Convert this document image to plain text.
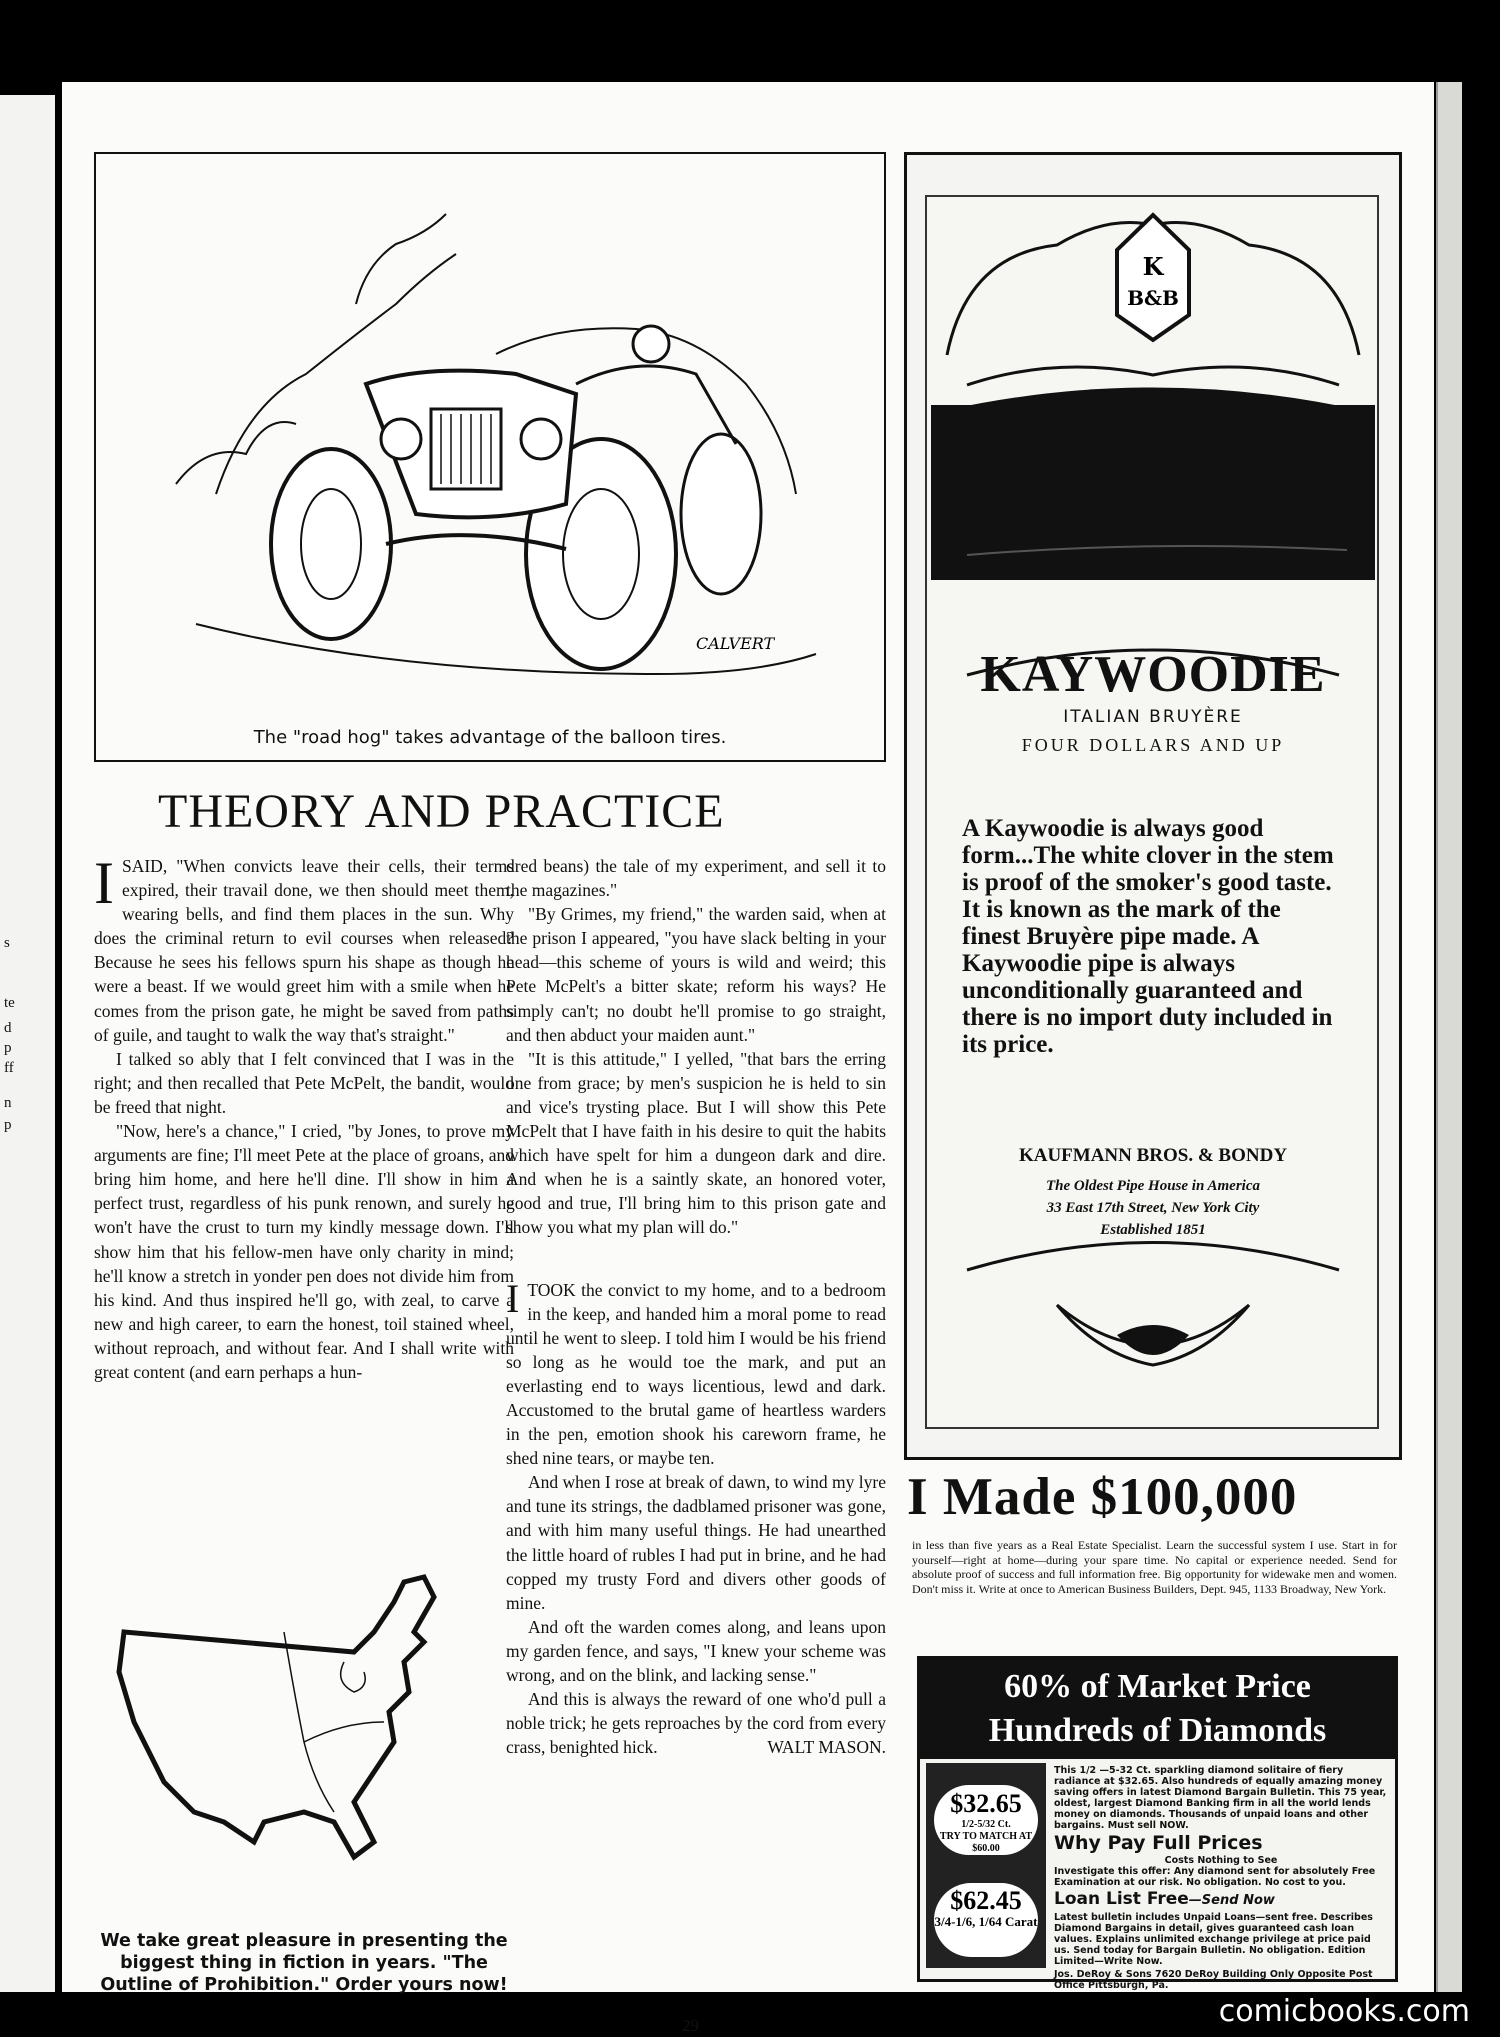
s
te
d
p
ff
n
p
CALVERT
The "road hog" takes advantage of the balloon tires.
THEORY AND PRACTICE

ISAID, "When convicts leave their cells, their terms expired, their travail done, we then should meet them, wearing bells, and find them places in the sun. Why does the criminal return to evil courses when released? Because he sees his fellows spurn his shape as though he were a beast. If we would greet him with a smile when he comes from the prison gate, he might be saved from paths of guile, and taught to walk the way that's straight."

I talked so ably that I felt convinced that I was in the right; and then recalled that Pete McPelt, the bandit, would be freed that night.

"Now, here's a chance," I cried, "by Jones, to prove my arguments are fine; I'll meet Pete at the place of groans, and bring him home, and here he'll dine. I'll show in him a perfect trust, regardless of his punk renown, and surely he won't have the crust to turn my kindly message down. I'll show him that his fellow-men have only charity in mind; he'll know a stretch in yonder pen does not divide him from his kind. And thus inspired he'll go, with zeal, to carve a new and high career, to earn the honest, toil stained wheel, without reproach, and without fear. And I shall write with great content (and earn perhaps a hun-

dred beans) the tale of my experiment, and sell it to the magazines."

"By Grimes, my friend," the warden said, when at the prison I appeared, "you have slack belting in your head—this scheme of yours is wild and weird; this Pete McPelt's a bitter skate; reform his ways? He simply can't; no doubt he'll promise to go straight, and then abduct your maiden aunt."

"It is this attitude," I yelled, "that bars the erring one from grace; by men's suspicion he is held to sin and vice's trysting place. But I will show this Pete McPelt that I have faith in his desire to quit the habits which have spelt for him a dungeon dark and dire. And when he is a saintly skate, an honored voter, good and true, I'll bring him to this prison gate and show you what my plan will do."

ITOOK the convict to my home, and to a bedroom in the keep, and handed him a moral pome to read until he went to sleep. I told him I would be his friend so long as he would toe the mark, and put an everlasting end to ways licentious, lewd and dark. Accustomed to the brutal game of heartless warders in the pen, emotion shook his careworn frame, he shed nine tears, or maybe ten.

And when I rose at break of dawn, to wind my lyre and tune its strings, the dadblamed prisoner was gone, and with him many useful things. He had unearthed the little hoard of rubles I had put in brine, and he had copped my trusty Ford and divers other goods of mine.

And oft the warden comes along, and leans upon my garden fence, and says, "I knew your scheme was wrong, and on the blink, and lacking sense."

And this is always the reward of one who'd pull a noble trick; he gets reproaches by the cord from every crass, benighted hick.	WALT MASON.

We take great pleasure in presenting the biggest thing in fiction in years. "The Outline of Prohibition." Order yours now!
29
K
B&B
KAYWOODIE
ITALIAN BRUYÈRE
FOUR DOLLARS AND UP
A Kaywoodie is always good form...The white clover in the stem is proof of the smoker's good taste. It is known as the mark of the finest Bruyère pipe made. A Kaywoodie pipe is always unconditionally guaranteed and there is no import duty included in its price.
KAUFMANN BROS. & BONDY
The Oldest Pipe House in America
33 East 17th Street, New York City
Established 1851
I Made $100,000
in less than five years as a Real Estate Specialist. Learn the successful system I use. Start in for yourself—right at home—during your spare time. No capital or experience needed. Send for absolute proof of success and full information free. Big opportunity for widewake men and women. Don't miss it. Write at once to American Business Builders, Dept. 945, 1133 Broadway, New York.
60% of Market Price
Hundreds of Diamonds
$32.65
1/2-5/32 Ct.
TRY TO MATCH AT $60.00
$62.45
3/4-1/6, 1/64 Carat
This 1/2 —5-32 Ct. sparkling diamond solitaire of fiery radiance at $32.65. Also hundreds of equally amazing money saving offers in latest Diamond Bargain Bulletin. This 75 year, oldest, largest Diamond Banking firm in all the world lends money on diamonds. Thousands of unpaid loans and other bargains. Must sell NOW.
Why Pay Full Prices
Costs Nothing to See
Investigate this offer: Any diamond sent for absolutely Free Examination at our risk. No obligation. No cost to you.
Loan List Free—Send Now
Latest bulletin includes Unpaid Loans—sent free. Describes Diamond Bargains in detail, gives guaranteed cash loan values. Explains unlimited exchange privilege at price paid us. Send today for Bargain Bulletin. No obligation. Edition Limited—Write Now.
Jos. DeRoy & Sons 7620 DeRoy Building Only Opposite Post Office Pittsburgh, Pa.
comicbooks.com
